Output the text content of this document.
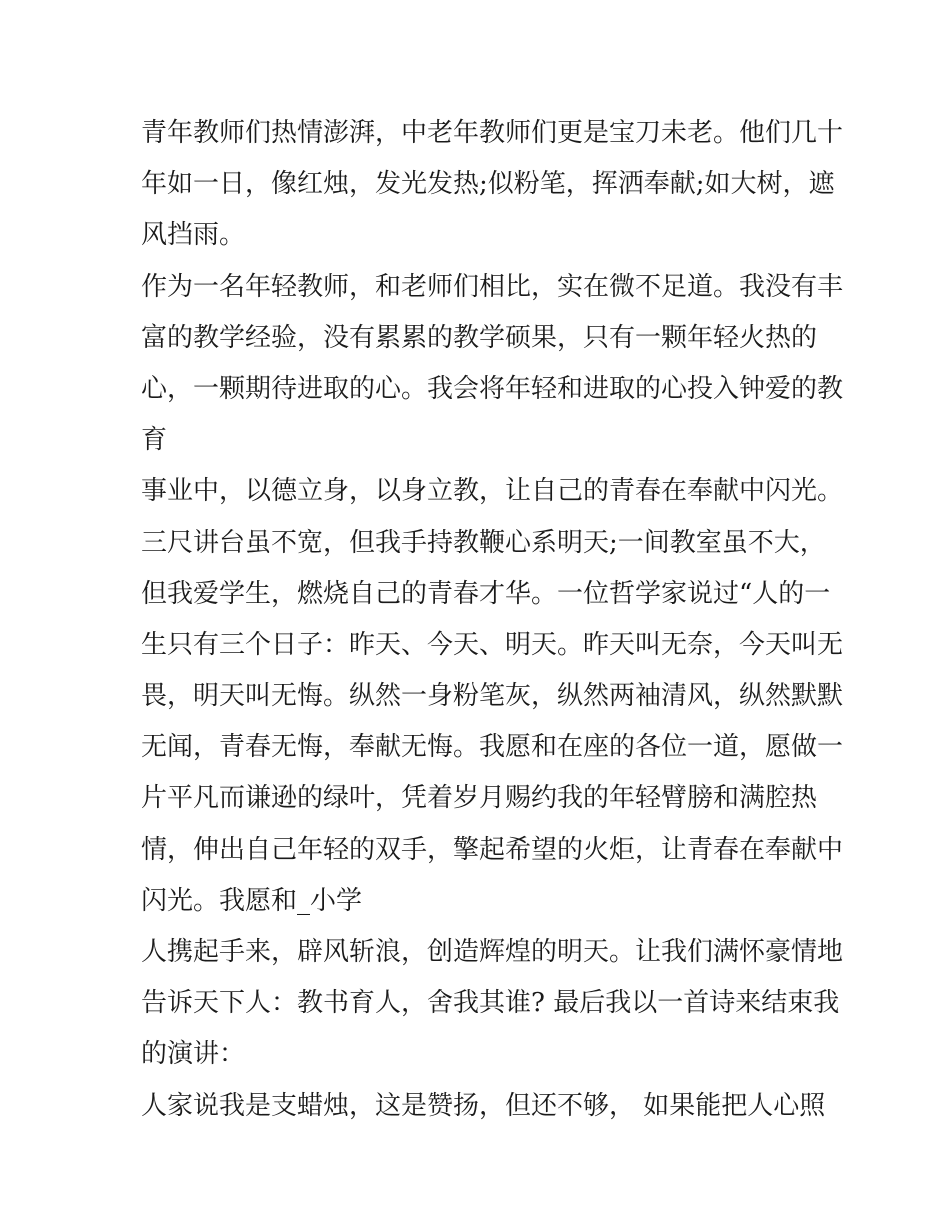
青年教师们热情澎湃，中老年教师们更是宝刀未老。他们几十
年如一日，像红烛，发光发热;似粉笔，挥洒奉献;如大树，遮
风挡雨。
作为一名年轻教师，和老师们相比，实在微不足道。我没有丰
富的教学经验，没有累累的教学硕果，只有一颗年轻火热的
心，一颗期待进取的心。我会将年轻和进取的心投入钟爱的教
育
事业中，以德立身，以身立教，让自己的青春在奉献中闪光。
三尺讲台虽不宽，但我手持教鞭心系明天;一间教室虽不大，
但我爱学生，燃烧自己的青春才华。一位哲学家说过“人的一
生只有三个日子：昨天、今天、明天。昨天叫无奈，今天叫无
畏，明天叫无悔。纵然一身粉笔灰，纵然两袖清风，纵然默默
无闻，青春无悔，奉献无悔。我愿和在座的各位一道，愿做一
片平凡而谦逊的绿叶，凭着岁月赐约我的年轻臂膀和满腔热
情，伸出自己年轻的双手，擎起希望的火炬，让青春在奉献中
闪光。我愿和_小学
人携起手来，辟风斩浪，创造辉煌的明天。让我们满怀豪情地
告诉天下人：教书育人，舍我其谁? 最后我以一首诗来结束我
的演讲：
人家说我是支蜡烛，这是赞扬，但还不够， 如果能把人心照
